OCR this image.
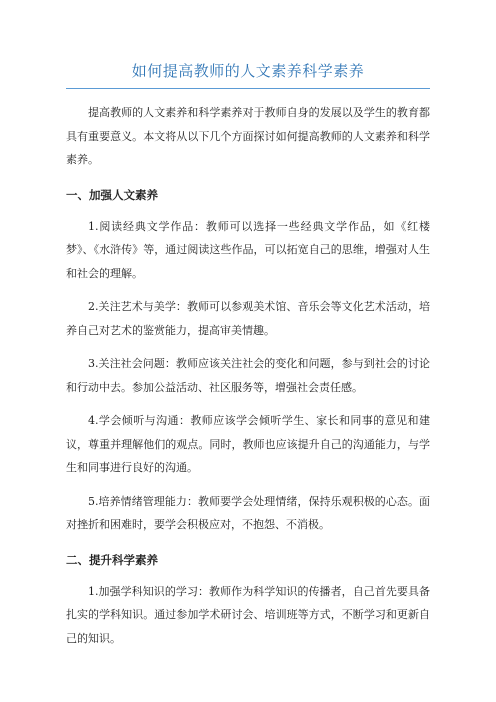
如何提高教师的人文素养科学素养

提高教师的人文素养和科学素养对于教师自身的发展以及学生的教育都具有重要意义。本文将从以下几个方面探讨如何提高教师的人文素养和科学素养。

一、加强人文素养

1.阅读经典文学作品：教师可以选择一些经典文学作品，如《红楼梦》、《水浒传》等，通过阅读这些作品，可以拓宽自己的思维，增强对人生和社会的理解。

2.关注艺术与美学：教师可以参观美术馆、音乐会等文化艺术活动，培养自己对艺术的鉴赏能力，提高审美情趣。

3.关注社会问题：教师应该关注社会的变化和问题，参与到社会的讨论和行动中去。参加公益活动、社区服务等，增强社会责任感。

4.学会倾听与沟通：教师应该学会倾听学生、家长和同事的意见和建议，尊重并理解他们的观点。同时，教师也应该提升自己的沟通能力，与学生和同事进行良好的沟通。

5.培养情绪管理能力：教师要学会处理情绪，保持乐观积极的心态。面对挫折和困难时，要学会积极应对，不抱怨、不消极。

二、提升科学素养

1.加强学科知识的学习：教师作为科学知识的传播者，自己首先要具备扎实的学科知识。通过参加学术研讨会、培训班等方式，不断学习和更新自己的知识。
